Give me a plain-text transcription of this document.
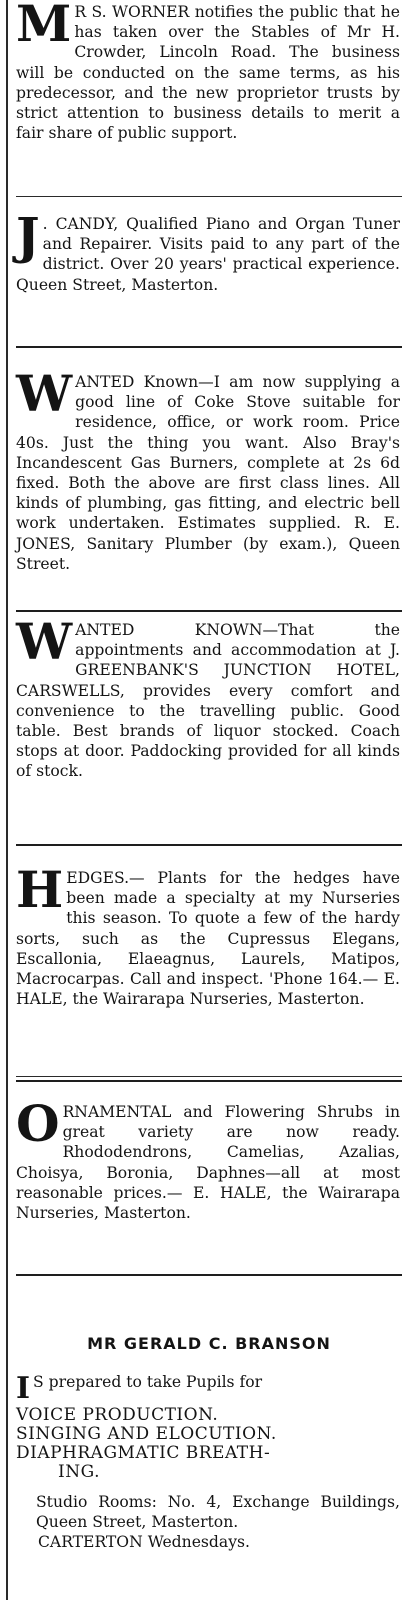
M R S. WORNER notifies the public that he has taken over the Stables of Mr H. Crowder, Lincoln Road. The business will be conducted on the same terms, as his predecessor, and the new proprietor trusts by strict attention to business details to merit a fair share of public support.

J . CANDY, Qualified Piano and Organ Tuner and Repairer. Visits paid to any part of the district. Over 20 years' practical experience. Queen Street, Masterton.

W ANTED Known—I am now supplying a good line of Coke Stove suitable for residence, office, or work room. Price 40s. Just the thing you want. Also Bray's Incandescent Gas Burners, complete at 2s 6d fixed. Both the above are first class lines. All kinds of plumbing, gas fitting, and electric bell work undertaken. Estimates supplied. R. E. JONES, Sanitary Plumber (by exam.), Queen Street.

W ANTED KNOWN—That the appointments and accommodation at J. GREENBANK'S JUNCTION HOTEL, CARSWELLS, provides every comfort and convenience to the travelling public. Good table. Best brands of liquor stocked. Coach stops at door. Paddocking provided for all kinds of stock.

H EDGES.— Plants for the hedges have been made a specialty at my Nurseries this season. To quote a few of the hardy sorts, such as the Cupressus Elegans, Escallonia, Elaeagnus, Laurels, Matipos, Macrocarpas. Call and inspect. 'Phone 164.— E. HALE, the Wairarapa Nurseries, Masterton.

O RNAMENTAL and Flowering Shrubs in great variety are now ready. Rhododendrons, Camelias, Azalias, Choisya, Boronia, Daphnes—all at most reasonable prices.— E. HALE, the Wairarapa Nurseries, Masterton.

MR GERALD C. BRANSON

I S prepared to take Pupils for

VOICE PRODUCTION.

SINGING AND ELOCUTION.

DIAPHRAGMATIC BREATH-

ING.

Studio Rooms: No. 4, Exchange Buildings, Queen Street, Masterton.

CARTERTON Wednesdays.
